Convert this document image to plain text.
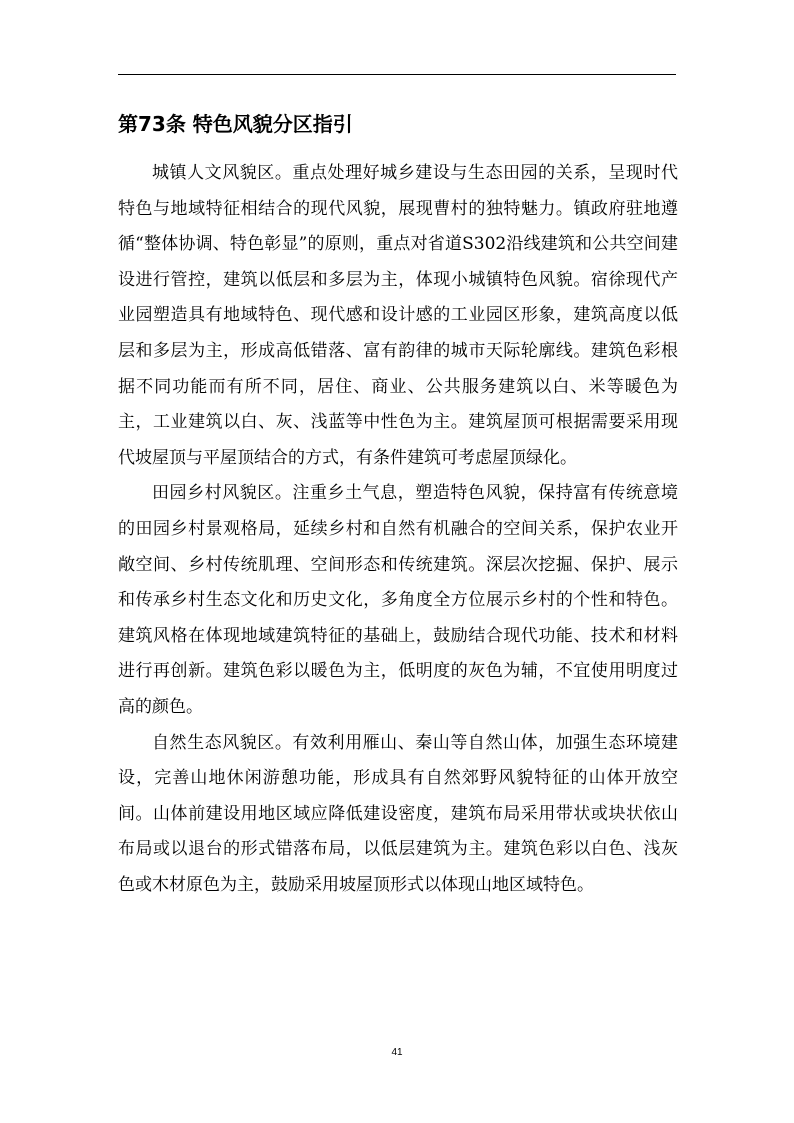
第73条 特色风貌分区指引

城镇人文风貌区。重点处理好城乡建设与生态田园的关系，呈现时代特色与地域特征相结合的现代风貌，展现曹村的独特魅力。镇政府驻地遵循“整体协调、特色彰显”的原则，重点对省道S302沿线建筑和公共空间建设进行管控，建筑以低层和多层为主，体现小城镇特色风貌。宿徐现代产业园塑造具有地域特色、现代感和设计感的工业园区形象，建筑高度以低层和多层为主，形成高低错落、富有韵律的城市天际轮廓线。建筑色彩根据不同功能而有所不同，居住、商业、公共服务建筑以白、米等暖色为主，工业建筑以白、灰、浅蓝等中性色为主。建筑屋顶可根据需要采用现代坡屋顶与平屋顶结合的方式，有条件建筑可考虑屋顶绿化。

田园乡村风貌区。注重乡土气息，塑造特色风貌，保持富有传统意境的田园乡村景观格局，延续乡村和自然有机融合的空间关系，保护农业开敞空间、乡村传统肌理、空间形态和传统建筑。深层次挖掘、保护、展示和传承乡村生态文化和历史文化，多角度全方位展示乡村的个性和特色。建筑风格在体现地域建筑特征的基础上，鼓励结合现代功能、技术和材料进行再创新。建筑色彩以暖色为主，低明度的灰色为辅，不宜使用明度过高的颜色。

自然生态风貌区。有效利用雁山、秦山等自然山体，加强生态环境建设，完善山地休闲游憩功能，形成具有自然郊野风貌特征的山体开放空间。山体前建设用地区域应降低建设密度，建筑布局采用带状或块状依山布局或以退台的形式错落布局，以低层建筑为主。建筑色彩以白色、浅灰色或木材原色为主，鼓励采用坡屋顶形式以体现山地区域特色。

41
